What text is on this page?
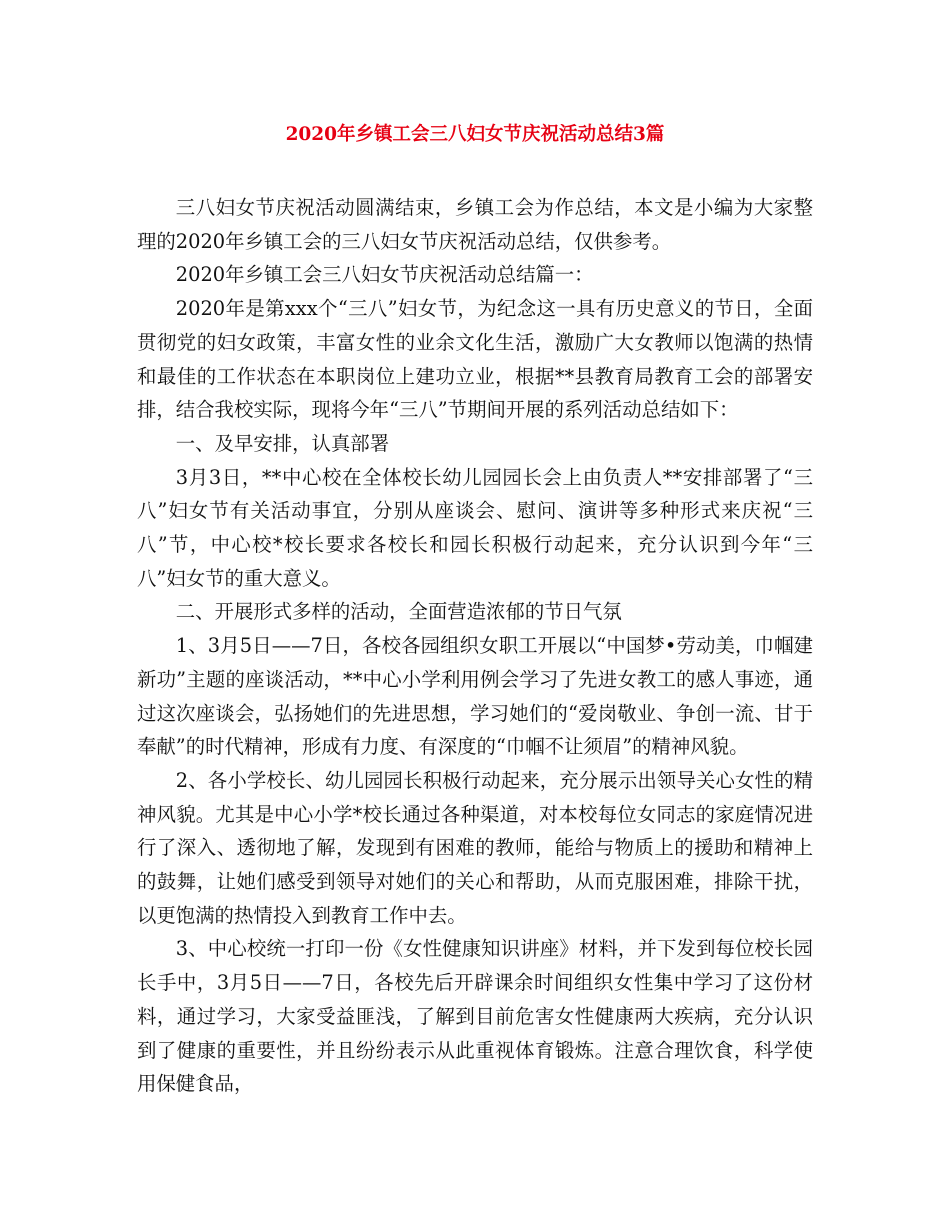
2020年乡镇工会三八妇女节庆祝活动总结3篇

三八妇女节庆祝活动圆满结束，乡镇工会为作总结，本文是小编为大家整理的2020年乡镇工会的三八妇女节庆祝活动总结，仅供参考。

2020年乡镇工会三八妇女节庆祝活动总结篇一：

2020年是第xxx个“三八”妇女节，为纪念这一具有历史意义的节日，全面贯彻党的妇女政策，丰富女性的业余文化生活，激励广大女教师以饱满的热情和最佳的工作状态在本职岗位上建功立业，根据**县教育局教育工会的部署安排，结合我校实际，现将今年“三八”节期间开展的系列活动总结如下：

一、及早安排，认真部署

3月3日，**中心校在全体校长幼儿园园长会上由负责人**安排部署了“三八”妇女节有关活动事宜，分别从座谈会、慰问、演讲等多种形式来庆祝“三八”节，中心校*校长要求各校长和园长积极行动起来，充分认识到今年“三八”妇女节的重大意义。

二、开展形式多样的活动，全面营造浓郁的节日气氛

1、3月5日——7日，各校各园组织女职工开展以“中国梦•劳动美，巾帼建新功”主题的座谈活动，**中心小学利用例会学习了先进女教工的感人事迹，通过这次座谈会，弘扬她们的先进思想，学习她们的“爱岗敬业、争创一流、甘于奉献”的时代精神，形成有力度、有深度的“巾帼不让须眉”的精神风貌。

2、各小学校长、幼儿园园长积极行动起来，充分展示出领导关心女性的精神风貌。尤其是中心小学*校长通过各种渠道，对本校每位女同志的家庭情况进行了深入、透彻地了解，发现到有困难的教师，能给与物质上的援助和精神上的鼓舞，让她们感受到领导对她们的关心和帮助，从而克服困难，排除干扰，以更饱满的热情投入到教育工作中去。

3、中心校统一打印一份《女性健康知识讲座》材料，并下发到每位校长园长手中，3月5日——7日，各校先后开辟课余时间组织女性集中学习了这份材料，通过学习，大家受益匪浅，了解到目前危害女性健康两大疾病，充分认识到了健康的重要性，并且纷纷表示从此重视体育锻炼。注意合理饮食，科学使用保健食品，
